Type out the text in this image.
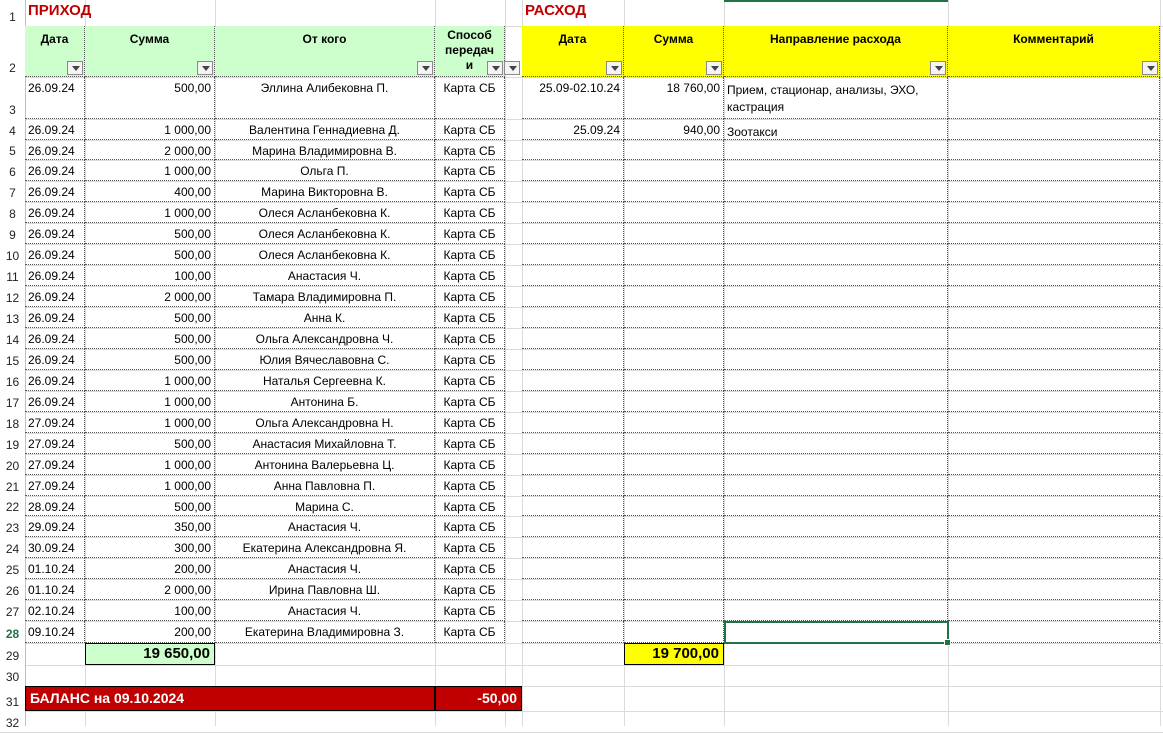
1
2
3
4
5
6
7
8
9
10
11
12
13
14
15
16
17
18
19
20
21
22
23
24
25
26
27
28
29
30
31
32
ПРИХОД	РАСХОД
Дата	Сумма	От кого	Способ передачи
Дата	Сумма	Направление расхода	Комментарий
26.09.24	500,00	Эллина Алибековна П.	Карта СБ
26.09.24	1 000,00	Валентина Геннадиевна Д.	Карта СБ
26.09.24	2 000,00	Марина Владимировна В.	Карта СБ
26.09.24	1 000,00	Ольга П.	Карта СБ
26.09.24	400,00	Марина Викторовна В.	Карта СБ
26.09.24	1 000,00	Олеся Асланбековна К.	Карта СБ
26.09.24	500,00	Олеся Асланбековна К.	Карта СБ
26.09.24	500,00	Олеся Асланбековна К.	Карта СБ
26.09.24	100,00	Анастасия Ч.	Карта СБ
26.09.24	2 000,00	Тамара Владимировна П.	Карта СБ
26.09.24	500,00	Анна К.	Карта СБ
26.09.24	500,00	Ольга Александровна Ч.	Карта СБ
26.09.24	500,00	Юлия Вячеславовна С.	Карта СБ
26.09.24	1 000,00	Наталья Сергеевна К.	Карта СБ
26.09.24	1 000,00	Антонина Б.	Карта СБ
27.09.24	1 000,00	Ольга Александровна Н.	Карта СБ
27.09.24	500,00	Анастасия Михайловна Т.	Карта СБ
27.09.24	1 000,00	Антонина Валерьевна Ц.	Карта СБ
27.09.24	1 000,00	Анна Павловна П.	Карта СБ
28.09.24	500,00	Марина С.	Карта СБ
29.09.24	350,00	Анастасия Ч.	Карта СБ
30.09.24	300,00	Екатерина Александровна Я.	Карта СБ
01.10.24	200,00	Анастасия Ч.	Карта СБ
01.10.24	2 000,00	Ирина Павловна Ш.	Карта СБ
02.10.24	100,00	Анастасия Ч.	Карта СБ
09.10.24	200,00	Екатерина Владимировна З.	Карта СБ
25.09-02.10.24	18 760,00 Прием, стационар, анализы, ЭХО, кастрация
25.09.24	940,00 Зоотакси
19 650,00	19 700,00
БАЛАНС на 09.10.2024	-50,00
